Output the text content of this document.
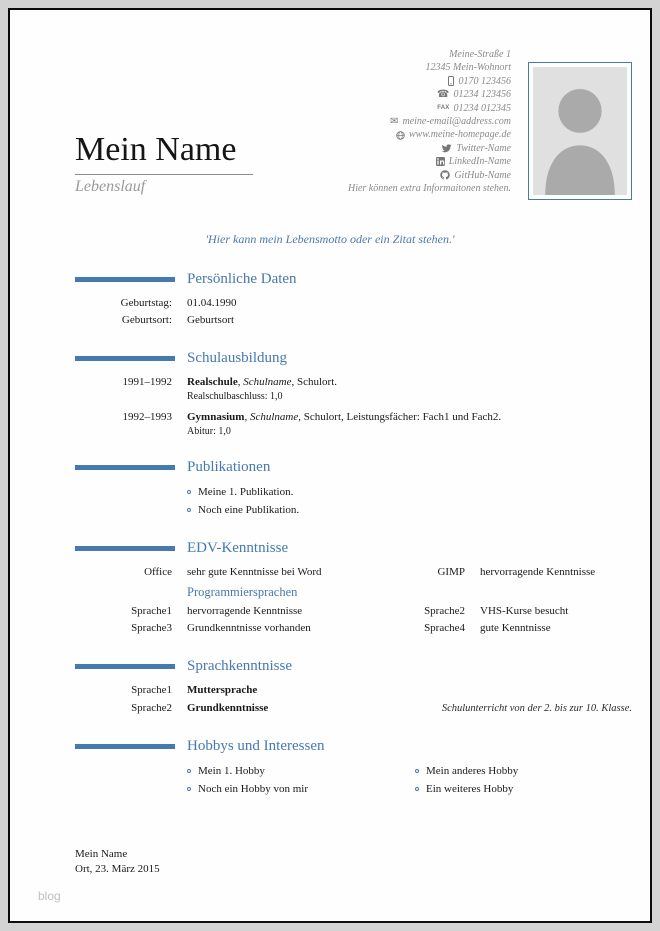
Mein Name
Lebenslauf
Meine-Straße 1
12345 Mein-Wohnort
0170 123456
☎ 01234 123456
FAX 01234 012345
✉ meine-email@address.com
www.meine-homepage.de
Twitter-Name
LinkedIn-Name
GitHub-Name
Hier können extra Informaitonen stehen.
'Hier kann mein Lebensmotto oder ein Zitat stehen.'
Persönliche Daten
Geburtstag: 01.04.1990
Geburtsort: Geburtsort
Schulausbildung
1991–1992 Realschule, Schulname, Schulort.
Realschulbaschluss: 1,0
1992–1993 Gymnasium, Schulname, Schulort, Leistungsfächer: Fach1 und Fach2.
Abitur: 1,0
Publikationen
Meine 1. Publikation.
Noch eine Publikation.
EDV-Kenntnisse
Office sehr gute Kenntnisse bei Word	GIMP hervorragende Kenntnisse
Programmiersprachen
Sprache1 hervorragende Kenntnisse	Sprache2 VHS-Kurse besucht
Sprache3 Grundkenntnisse vorhanden	Sprache4 gute Kenntnisse
Sprachkenntnisse
Sprache1 Muttersprache
Sprache2 Grundkenntnisse	Schulunterricht von der 2. bis zur 10. Klasse.
Hobbys und Interessen
Mein 1. Hobby	Mein anderes Hobby
Noch ein Hobby von mir	Ein weiteres Hobby
Mein Name
Ort, 23. März 2015
blog
